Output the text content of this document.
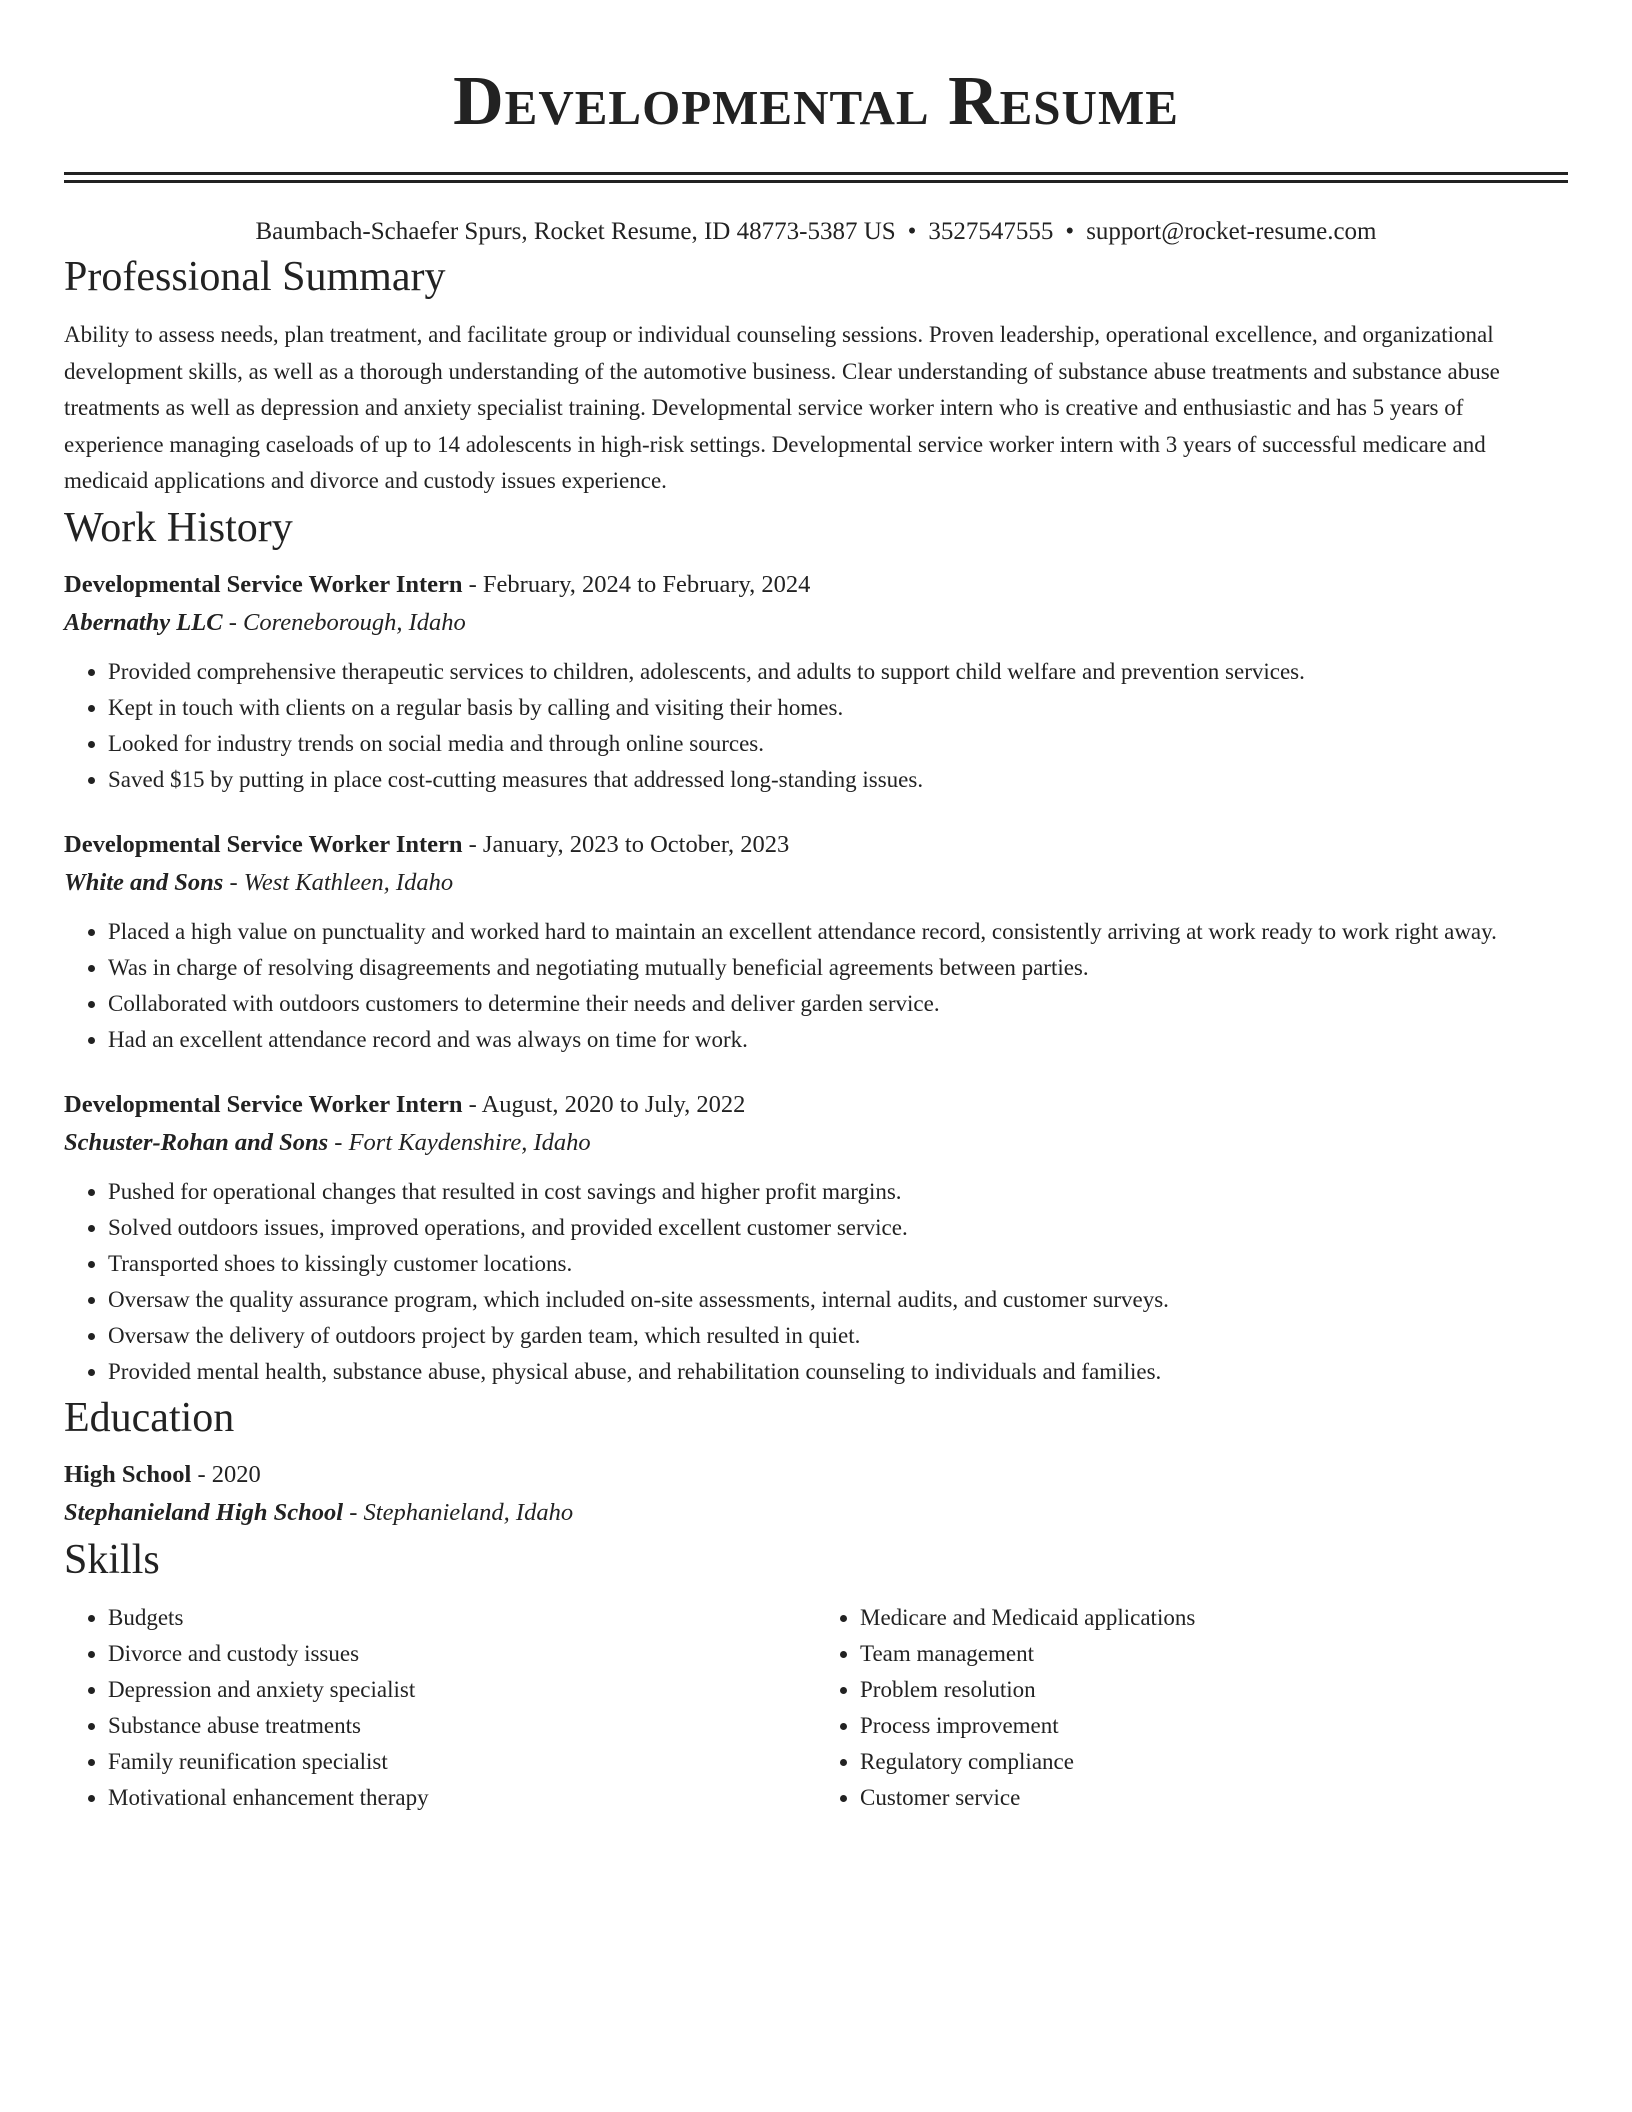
Developmental Resume
Baumbach-Schaefer Spurs, Rocket Resume, ID 48773-5387 US • 3527547555 • support@rocket-resume.com
Professional Summary
Ability to assess needs, plan treatment, and facilitate group or individual counseling sessions. Proven leadership, operational excellence, and organizational development skills, as well as a thorough understanding of the automotive business. Clear understanding of substance abuse treatments and substance abuse treatments as well as depression and anxiety specialist training. Developmental service worker intern who is creative and enthusiastic and has 5 years of experience managing caseloads of up to 14 adolescents in high-risk settings. Developmental service worker intern with 3 years of successful medicare and medicaid applications and divorce and custody issues experience.
Work History
Developmental Service Worker Intern - February, 2024 to February, 2024
Abernathy LLC - Coreneborough, Idaho
• Provided comprehensive therapeutic services to children, adolescents, and adults to support child welfare and prevention services.
• Kept in touch with clients on a regular basis by calling and visiting their homes.
• Looked for industry trends on social media and through online sources.
• Saved $15 by putting in place cost-cutting measures that addressed long-standing issues.
Developmental Service Worker Intern - January, 2023 to October, 2023
White and Sons - West Kathleen, Idaho
• Placed a high value on punctuality and worked hard to maintain an excellent attendance record, consistently arriving at work ready to work right away.
• Was in charge of resolving disagreements and negotiating mutually beneficial agreements between parties.
• Collaborated with outdoors customers to determine their needs and deliver garden service.
• Had an excellent attendance record and was always on time for work.
Developmental Service Worker Intern - August, 2020 to July, 2022
Schuster-Rohan and Sons - Fort Kaydenshire, Idaho
• Pushed for operational changes that resulted in cost savings and higher profit margins.
• Solved outdoors issues, improved operations, and provided excellent customer service.
• Transported shoes to kissingly customer locations.
• Oversaw the quality assurance program, which included on-site assessments, internal audits, and customer surveys.
• Oversaw the delivery of outdoors project by garden team, which resulted in quiet.
• Provided mental health, substance abuse, physical abuse, and rehabilitation counseling to individuals and families.
Education
High School - 2020
Stephanieland High School - Stephanieland, Idaho
Skills
• Budgets
• Divorce and custody issues
• Depression and anxiety specialist
• Substance abuse treatments
• Family reunification specialist
• Motivational enhancement therapy
• Medicare and Medicaid applications
• Team management
• Problem resolution
• Process improvement
• Regulatory compliance
• Customer service
